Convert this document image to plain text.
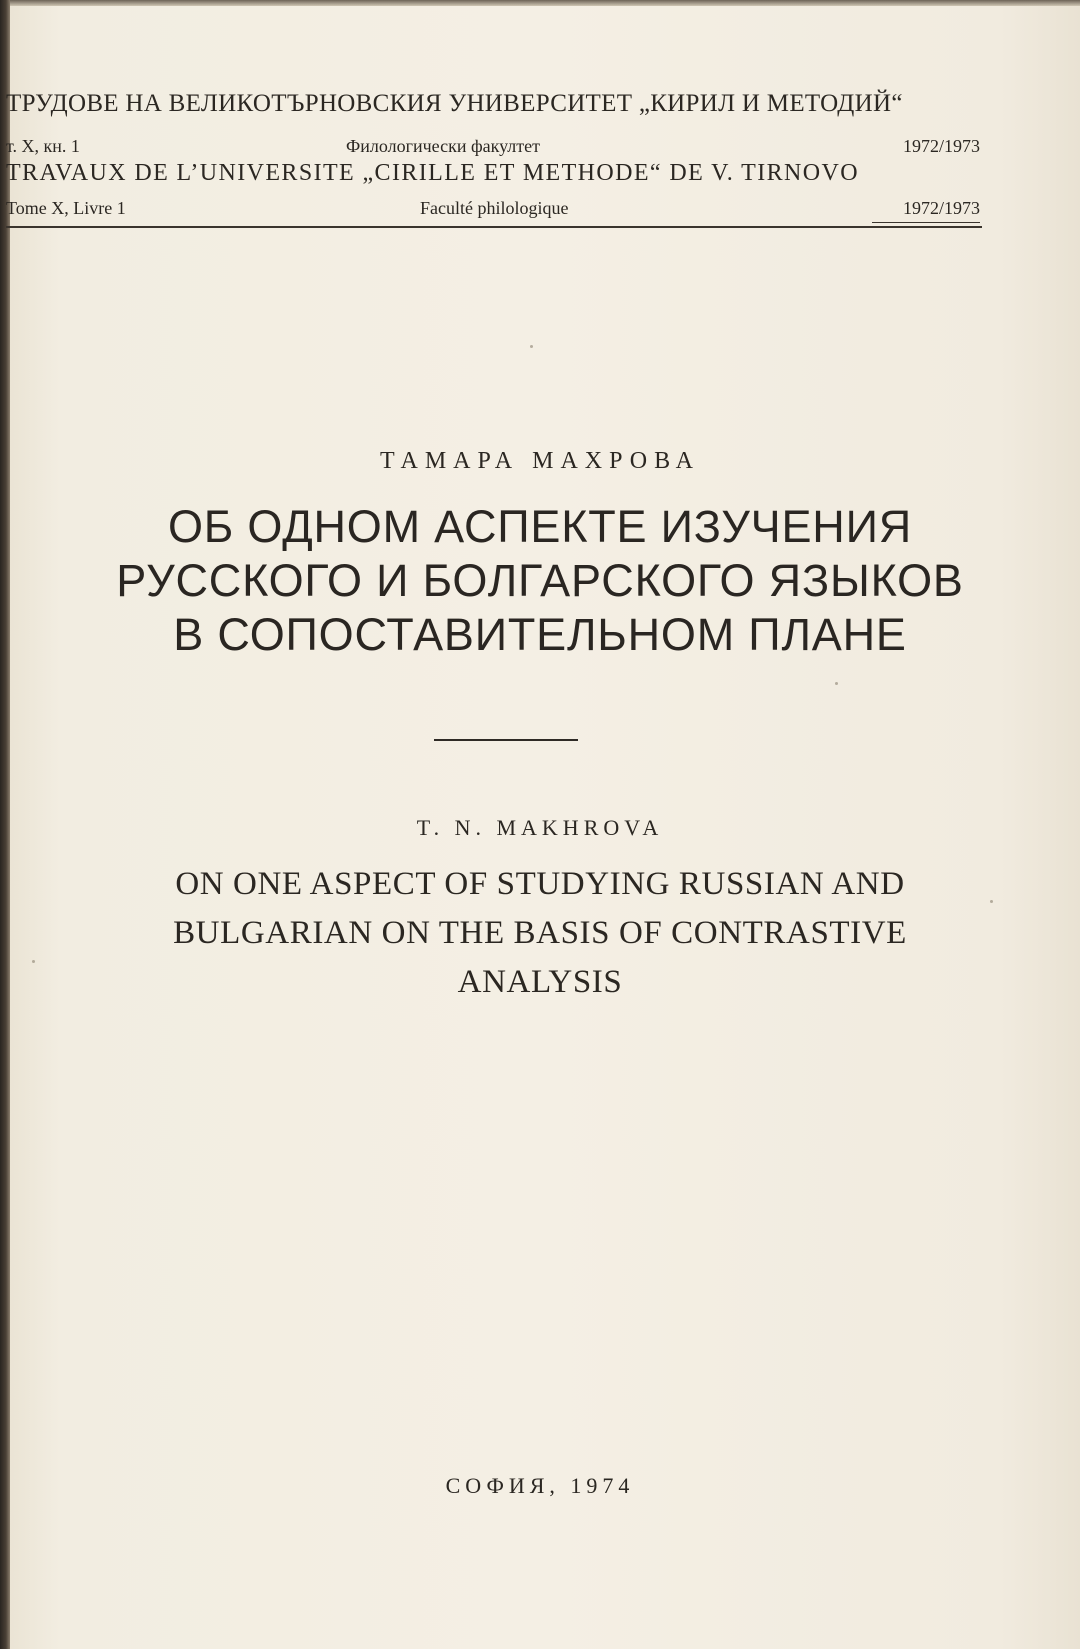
ТРУДОВЕ НА ВЕЛИКОТЪРНОВСКИЯ УНИВЕРСИТЕТ „КИРИЛ И МЕТОДИЙ“
т. X, кн. 1	Филологически факултет	1972/1973
TRAVAUX DE L’UNIVERSITE „CIRILLE ET METHODE“ DE V. TIRNOVO
Tome X, Livre 1	Faculté philologique	1972/1973
ТАМАРА МАХРОВА
ОБ ОДНОМ АСПЕКТЕ ИЗУЧЕНИЯ
РУССКОГО И БОЛГАРСКОГО ЯЗЫКОВ
В СОПОСТАВИТЕЛЬНОМ ПЛАНЕ
T. N. MAKHROVA
ON ONE ASPECT OF STUDYING RUSSIAN AND
BULGARIAN ON THE BASIS OF CONTRASTIVE
ANALYSIS
СОФИЯ, 1974
